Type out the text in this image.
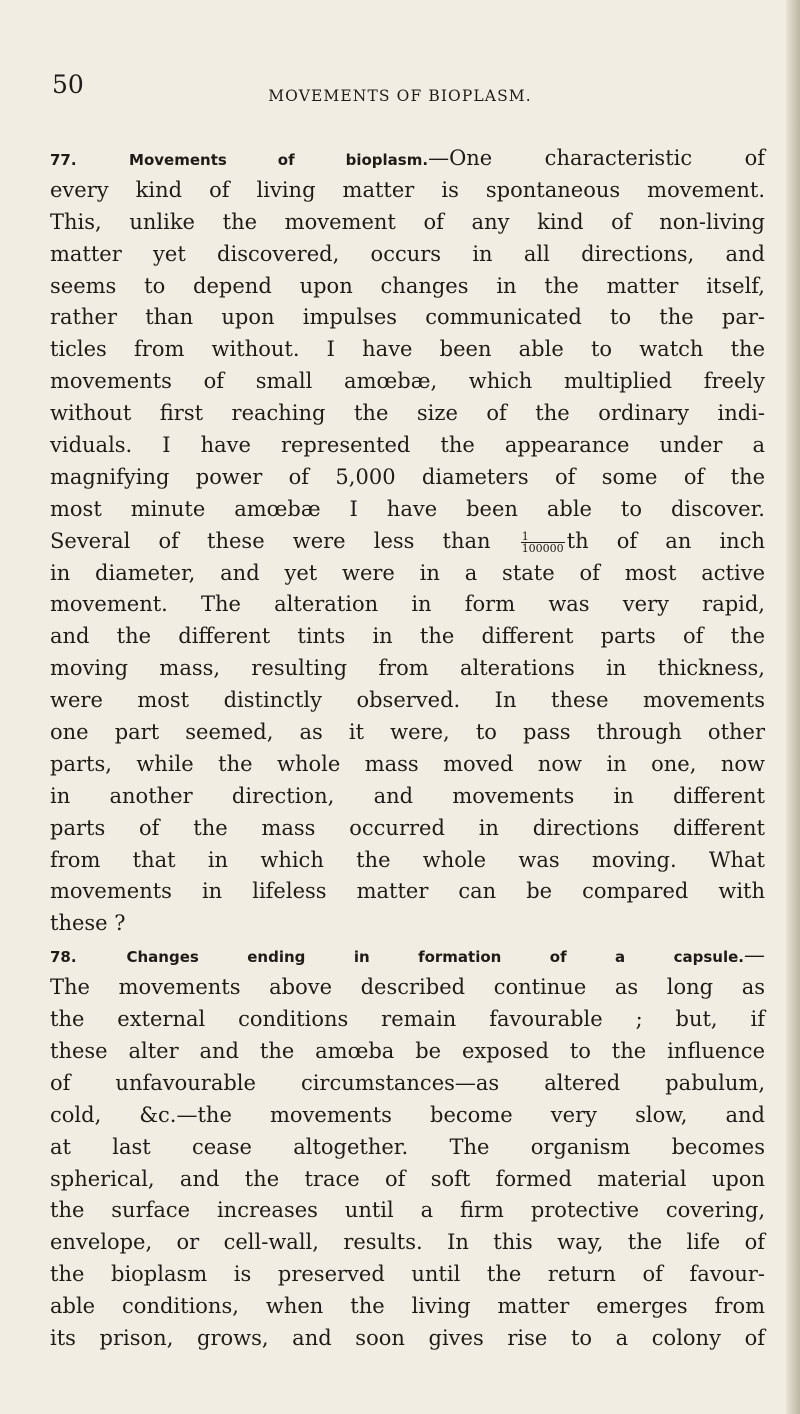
50	MOVEMENTS OF BIOPLASM.
77.	Movements of bioplasm.—One characteristic of
every kind of living matter is spontaneous movement.
This, unlike the movement of any kind of non-living
matter yet discovered, occurs in all directions, and
seems to depend upon changes in the matter itself,
rather than upon impulses communicated to the par-
ticles from without. I have been able to watch the
movements of small amœbæ, which multiplied freely
without first reaching the size of the ordinary indi-
viduals. I have represented the appearance under a
magnifying power of 5,000 diameters of some of the
most minute amœbæ I have been able to discover.
Several of these were less than	$\frac{1}{100000}$ th of an inch
in diameter, and yet were in a state of most active
movement. The alteration in form was very rapid,
and the different tints in the different parts of the
moving mass, resulting from alterations in thickness,
were most distinctly observed. In these movements
one part seemed, as it were, to pass through other
parts, while the whole mass moved now in one, now
in another direction, and movements in different
parts of the mass occurred in directions different
from that in which the whole was moving. What
movements in lifeless matter can be compared with
these ?
78.	Changes ending in formation of a capsule.—
The movements above described continue as long as
the external conditions remain favourable ; but, if
these alter and the amœba be exposed to the influence
of unfavourable circumstances—as altered pabulum,
cold, &c.—the movements become very slow, and
at last cease altogether. The organism becomes
spherical, and the trace of soft formed material upon
the surface increases until a firm protective covering,
envelope, or cell-wall, results. In this way, the life of
the bioplasm is preserved until the return of favour-
able conditions, when the living matter emerges from
its prison, grows, and soon gives rise to a colony of
